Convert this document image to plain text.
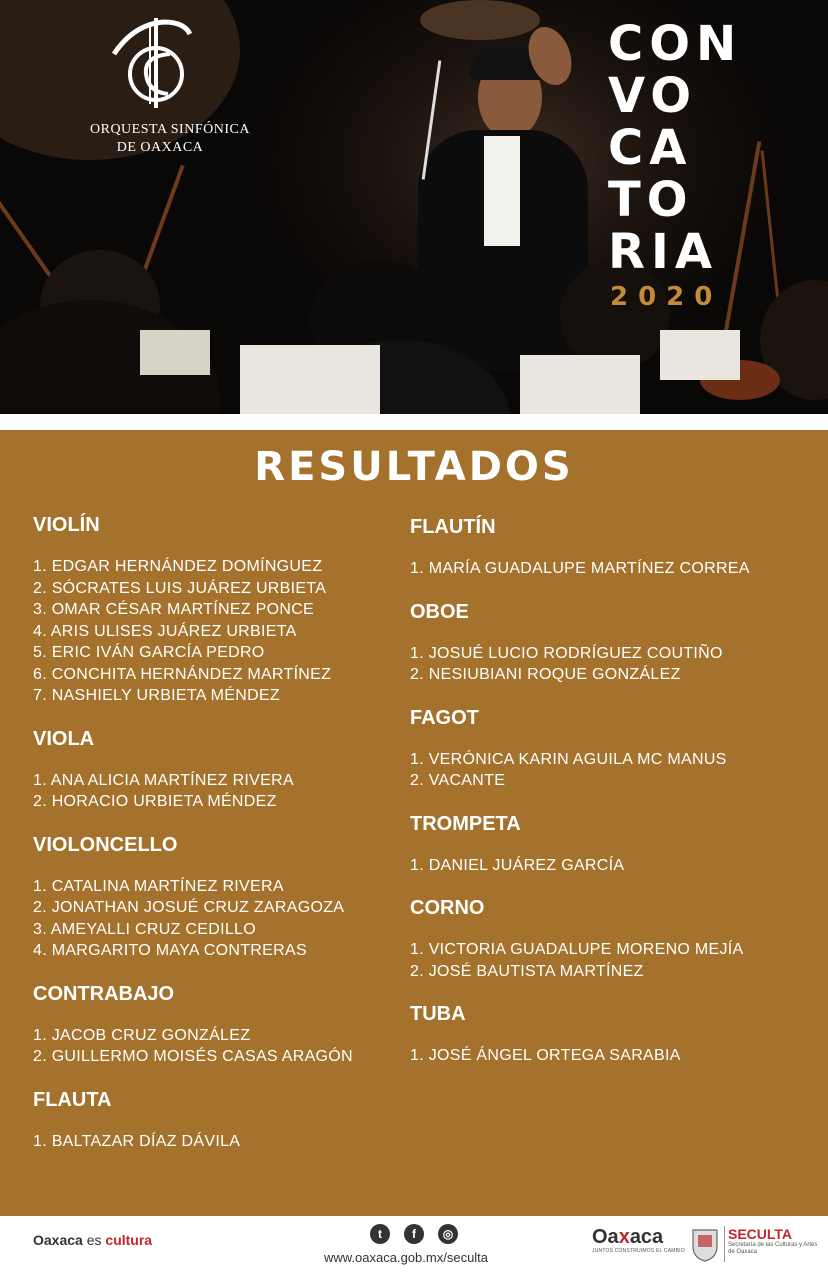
ORQUESTA SINFÓNICA
DE OAXACA
CON
VO
CA
TO
RIA
2020
RESULTADOS
VIOLÍN
1. EDGAR HERNÁNDEZ DOMÍNGUEZ
2. SÓCRATES LUIS JUÁREZ URBIETA
3. OMAR CÉSAR MARTÍNEZ PONCE
4. ARIS ULISES JUÁREZ URBIETA
5. ERIC IVÁN GARCÍA PEDRO
6. CONCHITA HERNÁNDEZ MARTÍNEZ
7. NASHIELY URBIETA MÉNDEZ
VIOLA
1. ANA ALICIA MARTÍNEZ RIVERA
2. HORACIO URBIETA MÉNDEZ
VIOLONCELLO
1. CATALINA MARTÍNEZ RIVERA
2. JONATHAN JOSUÉ CRUZ ZARAGOZA
3. AMEYALLI CRUZ CEDILLO
4. MARGARITO MAYA CONTRERAS
CONTRABAJO
1. JACOB CRUZ GONZÁLEZ
2. GUILLERMO MOISÉS CASAS ARAGÓN
FLAUTA
1. BALTAZAR DÍAZ DÁVILA
FLAUTÍN
1. MARÍA GUADALUPE MARTÍNEZ CORREA
OBOE
1. JOSUÉ LUCIO RODRÍGUEZ COUTIÑO
2. NESIUBIANI ROQUE GONZÁLEZ
FAGOT
1. VERÓNICA KARIN AGUILA MC MANUS
2. VACANTE
TROMPETA
1. DANIEL JUÁREZ GARCÍA
CORNO
1. VICTORIA GUADALUPE MORENO MEJÍA
2. JOSÉ BAUTISTA MARTÍNEZ
TUBA
1. JOSÉ ÁNGEL ORTEGA SARABIA
Oaxaca es cultura	t	f	◎
www.oaxaca.gob.mx/seculta
Oaxaca
JUNTOS CONSTRUIMOS EL CAMBIO
SECULTA
Secretaría de las Culturas y Artes de Oaxaca
